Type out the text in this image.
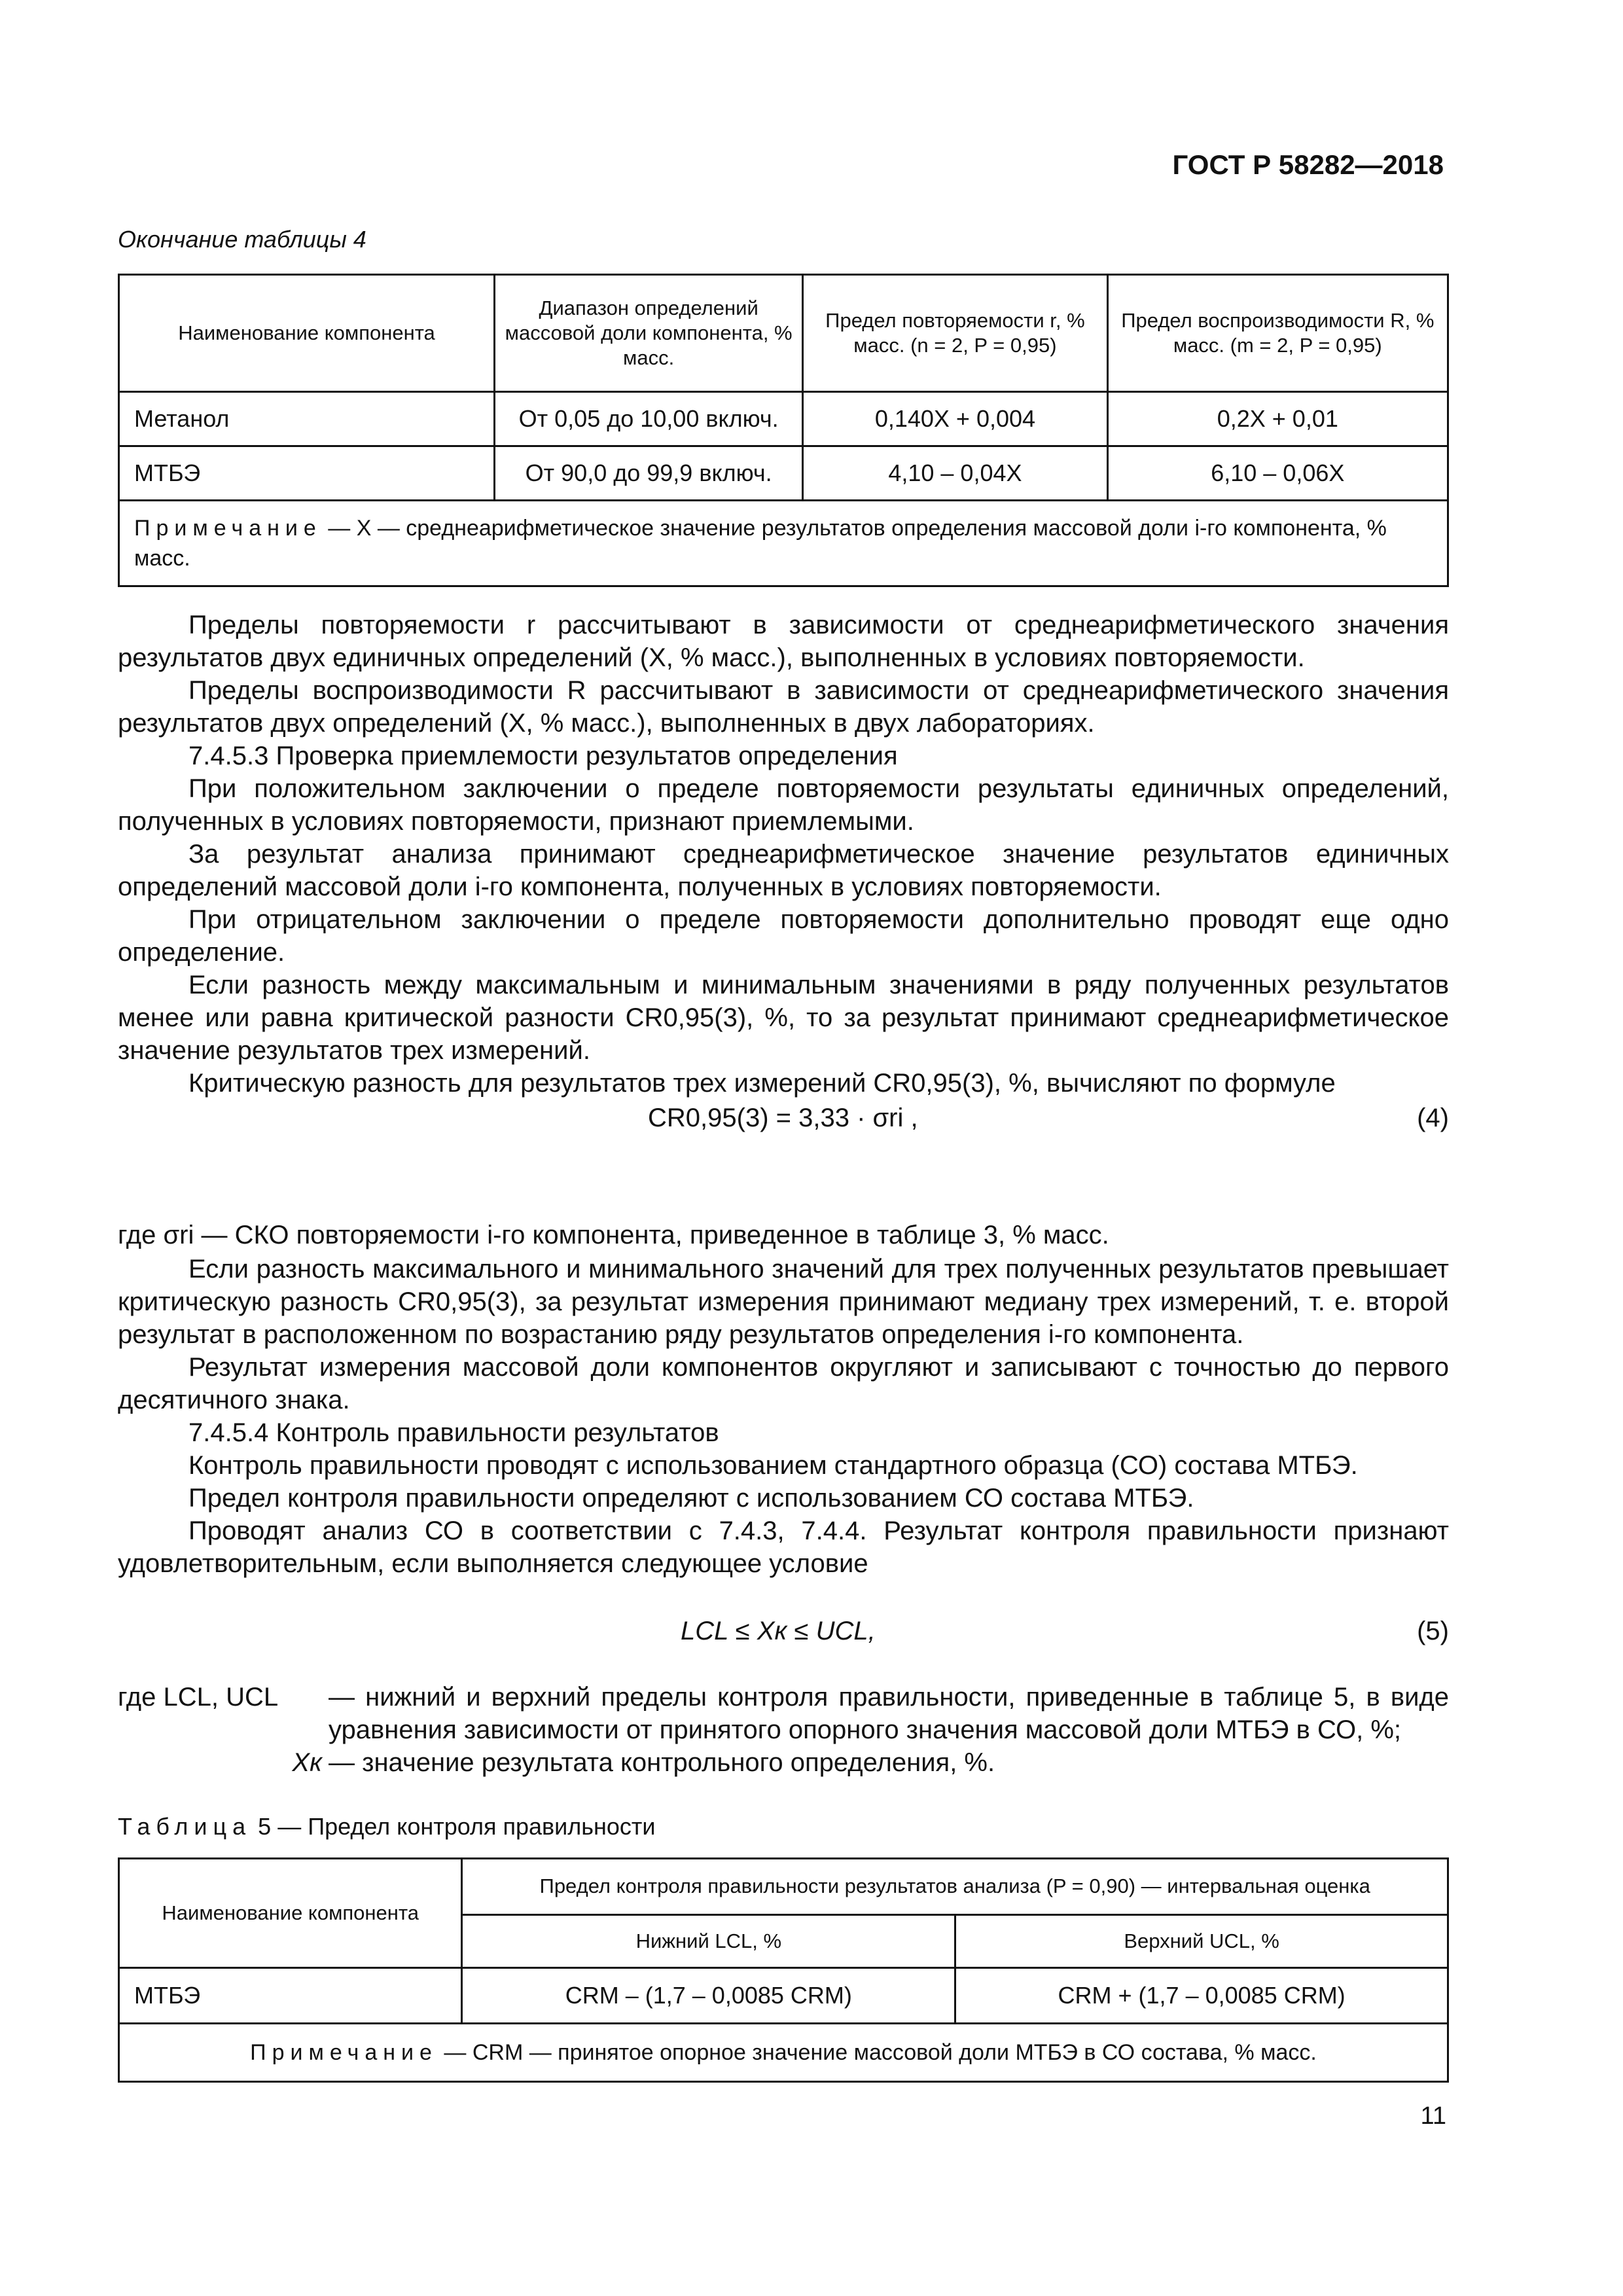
ГОСТ Р 58282—2018
Окончание таблицы 4
Наименование компонента	Диапазон определений массовой доли компонента, % масс.	Предел повторяемости r, % масс. (n = 2, P = 0,95)	Предел воспроизводимости R, % масс. (m = 2, P = 0,95)
Метанол	От 0,05 до 10,00 включ.	0,140X + 0,004	0,2X + 0,01
МТБЭ	От 90,0 до 99,9 включ.	4,10 – 0,04X	6,10 – 0,06X
Примечание — X — среднеарифметическое значение результатов определения массовой доли i-го компонента, % масс.			

Пределы повторяемости r рассчитывают в зависимости от среднеарифметического значения результатов двух единичных определений (X, % масс.), выполненных в условиях повторяемости.

Пределы воспроизводимости R рассчитывают в зависимости от среднеарифметического значения результатов двух определений (X, % масс.), выполненных в двух лабораториях.

7.4.5.3 Проверка приемлемости результатов определения

При положительном заключении о пределе повторяемости результаты единичных определений, полученных в условиях повторяемости, признают приемлемыми.

За результат анализа принимают среднеарифметическое значение результатов единичных определений массовой доли i-го компонента, полученных в условиях повторяемости.

При отрицательном заключении о пределе повторяемости дополнительно проводят еще одно определение.

Если разность между максимальным и минимальным значениями в ряду полученных результатов менее или равна критической разности CR0,95(3), %, то за результат принимают среднеарифметическое значение результатов трех измерений.

Критическую разность для результатов трех измерений CR0,95(3), %, вычисляют по формуле

CR0,95(3) = 3,33 · σri ,	(4)
где σri — СКО повторяемости i-го компонента, приведенное в таблице 3, % масс.

Если разность максимального и минимального значений для трех полученных результатов превышает критическую разность CR0,95(3), за результат измерения принимают медиану трех измерений, т. е. второй результат в расположенном по возрастанию ряду результатов определения i-го компонента.

Результат измерения массовой доли компонентов округляют и записывают с точностью до первого десятичного знака.

7.4.5.4 Контроль правильности результатов

Контроль правильности проводят с использованием стандартного образца (СО) состава МТБЭ.

Предел контроля правильности определяют с использованием СО состава МТБЭ.

Проводят анализ СО в соответствии с 7.4.3, 7.4.4. Результат контроля правильности признают удовлетворительным, если выполняется следующее условие

LCL ≤ Xк ≤ UCL,	(5)
где LCL, UCL	— нижний и верхний пределы контроля правильности, приведенные в таблице 5, в виде уравнения зависимости от принятого опорного значения массовой доли МТБЭ в СО, %;
Xк — значение результата контрольного определения, %.
Таблица 5 — Предел контроля правильности
Наименование компонента	Предел контроля правильности результатов анализа (P = 0,90) — интервальная оценка	
	Нижний LCL, %	Верхний UCL, %
МТБЭ	CRM – (1,7 – 0,0085 CRM)	CRM + (1,7 – 0,0085 CRM)
Примечание — CRM — принятое опорное значение массовой доли МТБЭ в СО состава, % масс.		
11
